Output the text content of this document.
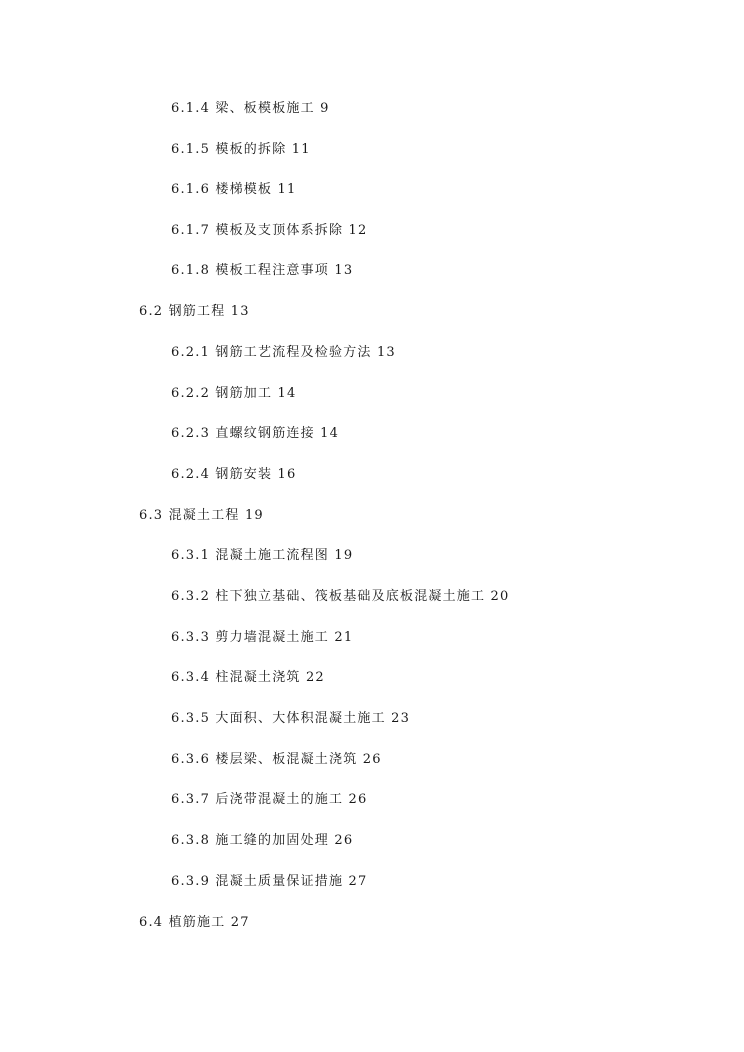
6.1.4 梁、板模板施工 9
6.1.5 模板的拆除 11
6.1.6 楼梯模板 11
6.1.7 模板及支顶体系拆除 12
6.1.8 模板工程注意事项 13
6.2 钢筋工程 13
6.2.1 钢筋工艺流程及检验方法 13
6.2.2 钢筋加工 14
6.2.3 直螺纹钢筋连接 14
6.2.4 钢筋安装 16
6.3 混凝土工程 19
6.3.1 混凝土施工流程图 19
6.3.2 柱下独立基础、筏板基础及底板混凝土施工 20
6.3.3 剪力墙混凝土施工 21
6.3.4 柱混凝土浇筑 22
6.3.5 大面积、大体积混凝土施工 23
6.3.6 楼层梁、板混凝土浇筑 26
6.3.7 后浇带混凝土的施工 26
6.3.8 施工缝的加固处理 26
6.3.9 混凝土质量保证措施 27
6.4 植筋施工 27
